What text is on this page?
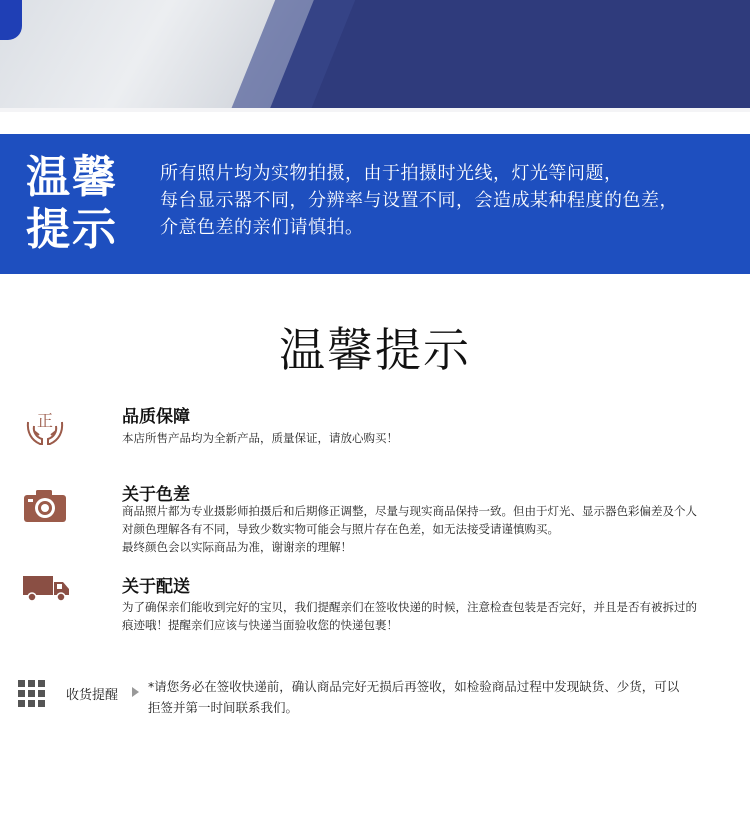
温馨
提示
所有照片均为实物拍摄，由于拍摄时光线，灯光等问题，
每台显示器不同，分辨率与设置不同，会造成某种程度的色差，
介意色差的亲们请慎拍。
温馨提示
正	品质保障
本店所售产品均为全新产品，质量保证，请放心购买！
关于色差
商品照片都为专业摄影师拍摄后和后期修正调整，尽量与现实商品保持一致。但由于灯光、显示器色彩偏差及个人
对颜色理解各有不同，导致少数实物可能会与照片存在色差，如无法接受请谨慎购买。
最终颜色会以实际商品为准，谢谢亲的理解！
关于配送
为了确保亲们能收到完好的宝贝，我们提醒亲们在签收快递的时候，注意检查包装是否完好，并且是否有被拆过的
痕迹哦！提醒亲们应该与快递当面验收您的快递包裹！
收货提醒
*请您务必在签收快递前，确认商品完好无损后再签收，如检验商品过程中发现缺货、少货，可以
拒签并第一时间联系我们。
